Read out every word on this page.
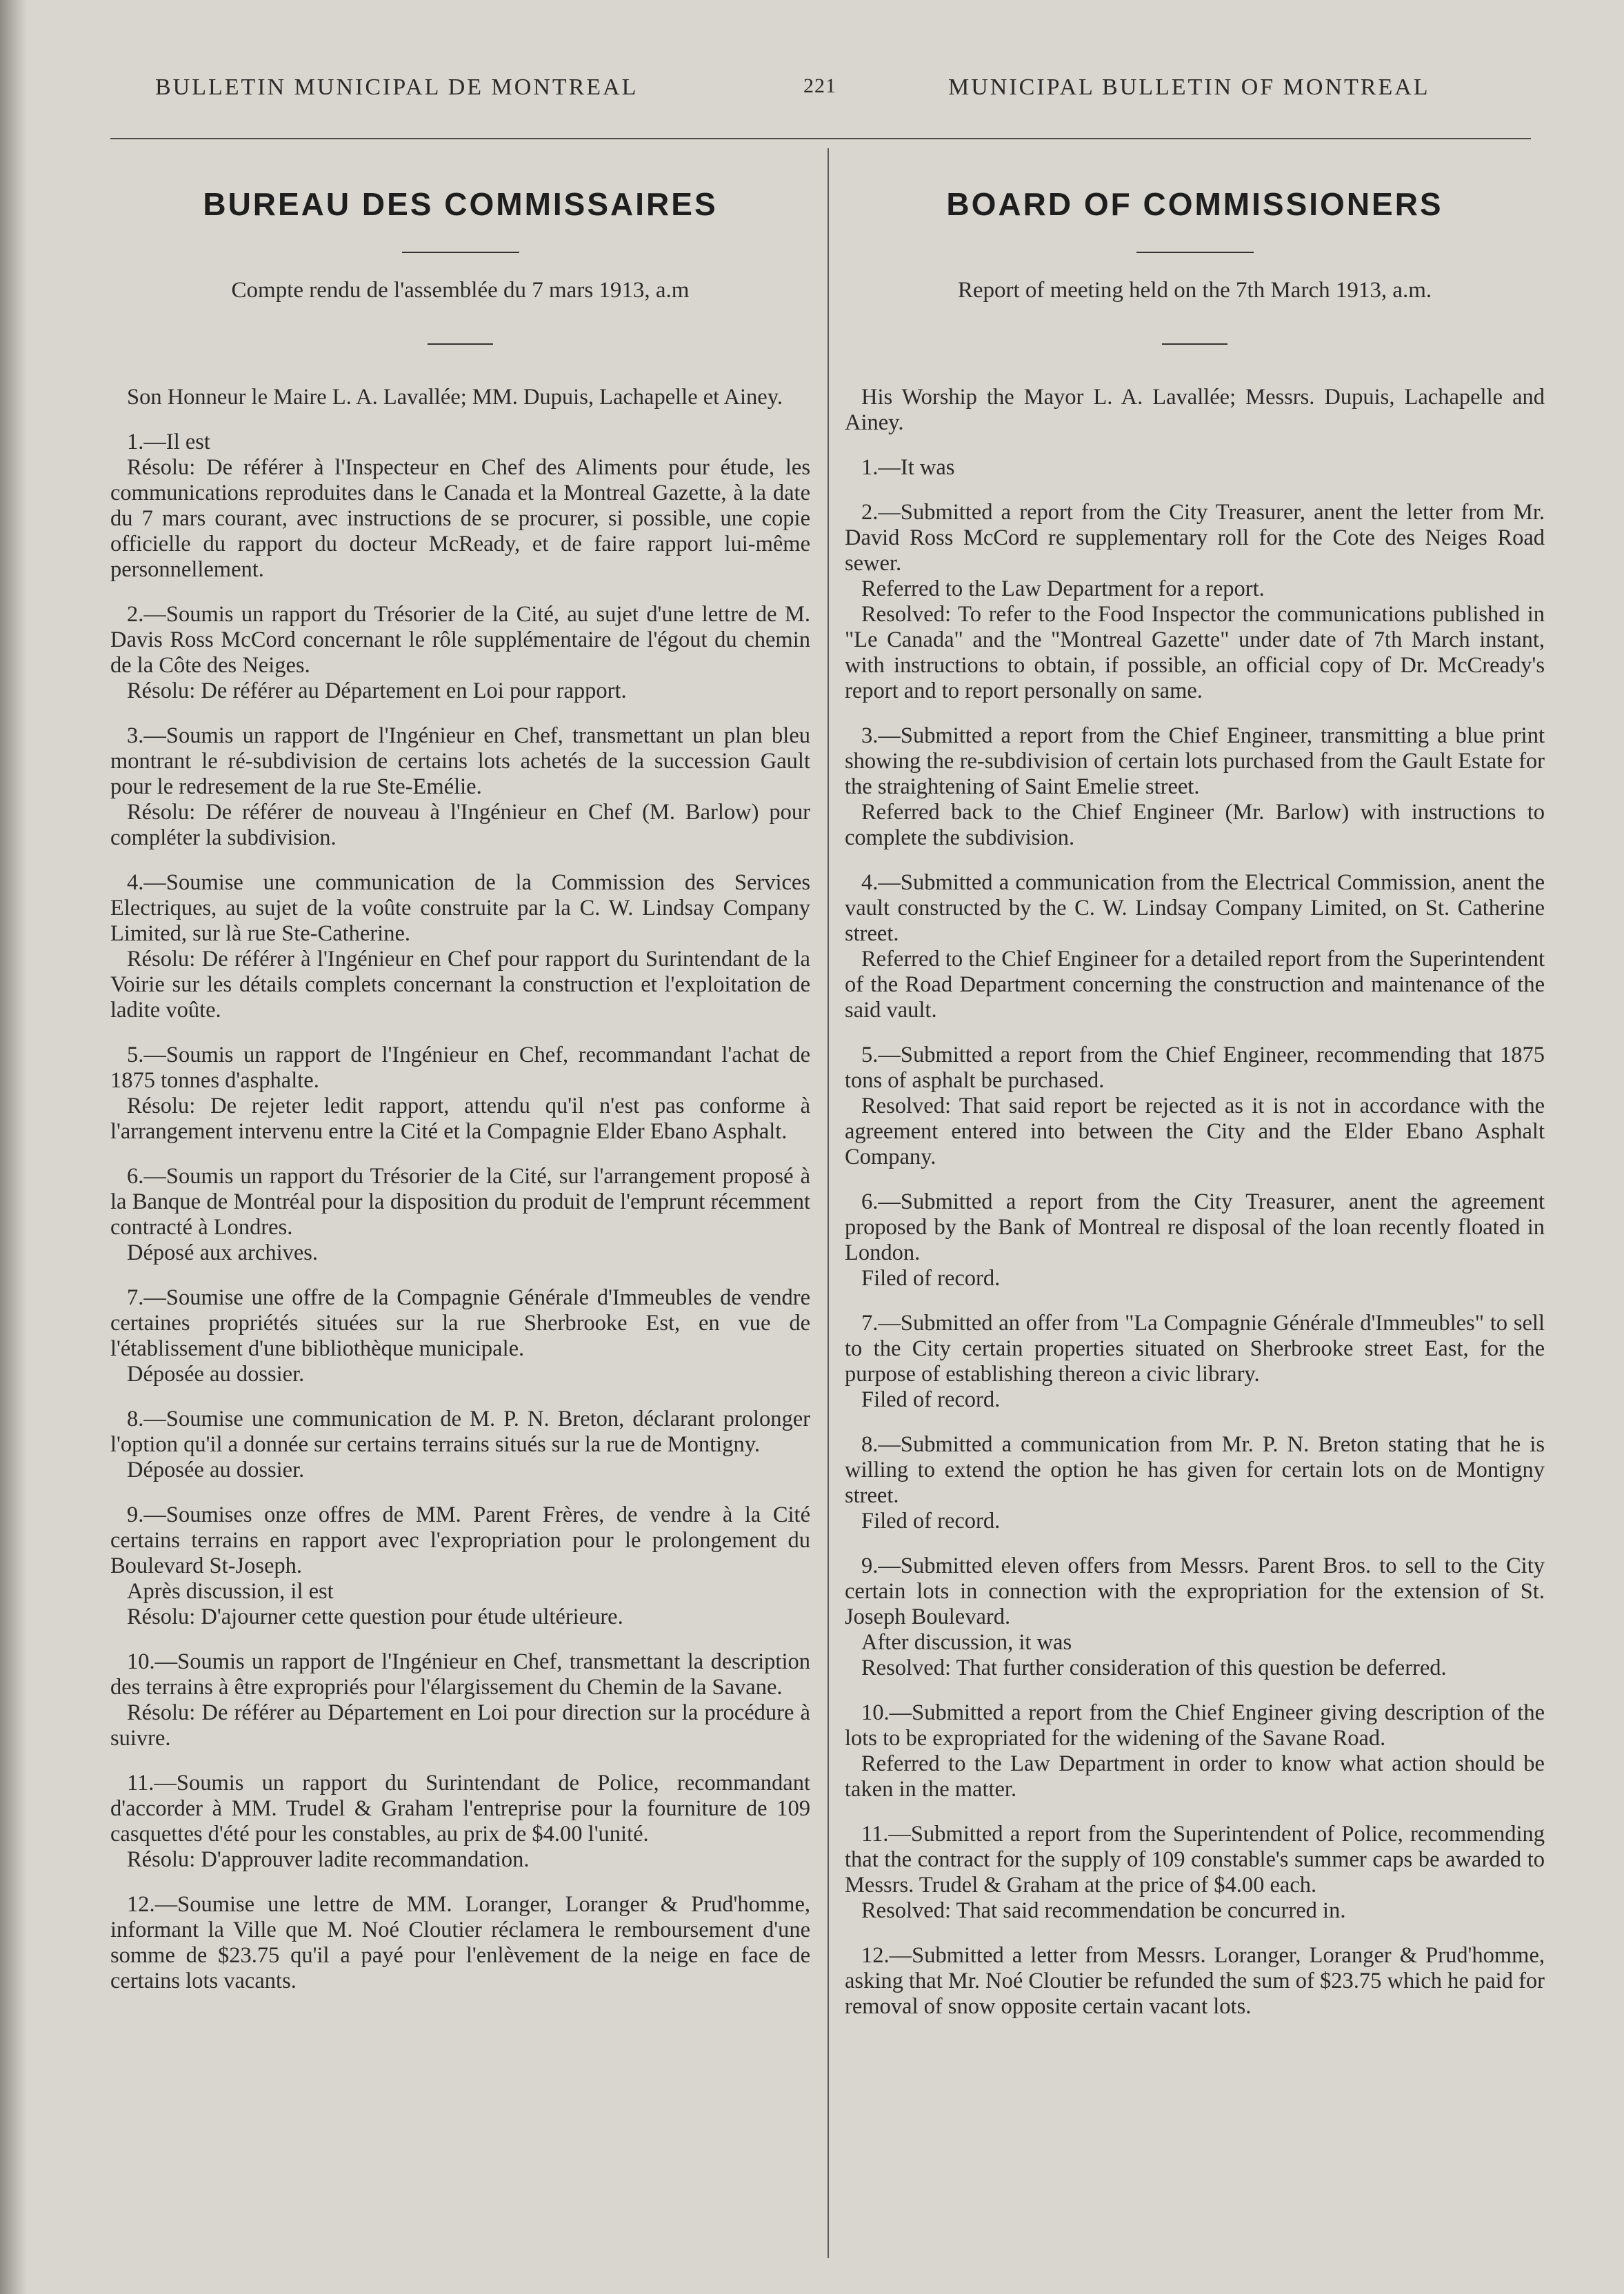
BULLETIN MUNICIPAL DE MONTREAL	221	MUNICIPAL BULLETIN OF MONTREAL
BUREAU DES COMMISSAIRES
Compte rendu de l'assemblée du 7 mars 1913, a.m

Son Honneur le Maire L. A. Lavallée; MM. Dupuis, Lachapelle et Ainey.

1.—Il est

Résolu: De référer à l'Inspecteur en Chef des Aliments pour étude, les communications reproduites dans le Canada et la Montreal Gazette, à la date du 7 mars courant, avec instructions de se procurer, si possible, une copie officielle du rapport du docteur McReady, et de faire rapport lui-même personnellement.

2.—Soumis un rapport du Trésorier de la Cité, au sujet d'une lettre de M. Davis Ross McCord concernant le rôle supplémentaire de l'égout du chemin de la Côte des Neiges.

Résolu: De référer au Département en Loi pour rapport.

3.—Soumis un rapport de l'Ingénieur en Chef, transmettant un plan bleu montrant le ré-subdivision de certains lots achetés de la succession Gault pour le redresement de la rue Ste-Emélie.

Résolu: De référer de nouveau à l'Ingénieur en Chef (M. Barlow) pour compléter la subdivision.

4.—Soumise une communication de la Commission des Services Electriques, au sujet de la voûte construite par la C. W. Lindsay Company Limited, sur là rue Ste-Catherine.

Résolu: De référer à l'Ingénieur en Chef pour rapport du Surintendant de la Voirie sur les détails complets concernant la construction et l'exploitation de ladite voûte.

5.—Soumis un rapport de l'Ingénieur en Chef, recommandant l'achat de 1875 tonnes d'asphalte.

Résolu: De rejeter ledit rapport, attendu qu'il n'est pas conforme à l'arrangement intervenu entre la Cité et la Compagnie Elder Ebano Asphalt.

6.—Soumis un rapport du Trésorier de la Cité, sur l'arrangement proposé à la Banque de Montréal pour la disposition du produit de l'emprunt récemment contracté à Londres.

Déposé aux archives.

7.—Soumise une offre de la Compagnie Générale d'Immeubles de vendre certaines propriétés situées sur la rue Sherbrooke Est, en vue de l'établissement d'une bibliothèque municipale.

Déposée au dossier.

8.—Soumise une communication de M. P. N. Breton, déclarant prolonger l'option qu'il a donnée sur certains terrains situés sur la rue de Montigny.

Déposée au dossier.

9.—Soumises onze offres de MM. Parent Frères, de vendre à la Cité certains terrains en rapport avec l'expropriation pour le prolongement du Boulevard St-Joseph.

Après discussion, il est

Résolu: D'ajourner cette question pour étude ultérieure.

10.—Soumis un rapport de l'Ingénieur en Chef, transmettant la description des terrains à être expropriés pour l'élargissement du Chemin de la Savane.

Résolu: De référer au Département en Loi pour direction sur la procédure à suivre.

11.—Soumis un rapport du Surintendant de Police, recommandant d'accorder à MM. Trudel & Graham l'entreprise pour la fourniture de 109 casquettes d'été pour les constables, au prix de $4.00 l'unité.

Résolu: D'approuver ladite recommandation.

12.—Soumise une lettre de MM. Loranger, Loranger & Prud'homme, informant la Ville que M. Noé Cloutier réclamera le remboursement d'une somme de $23.75 qu'il a payé pour l'enlèvement de la neige en face de certains lots vacants.

BOARD OF COMMISSIONERS
Report of meeting held on the 7th March 1913, a.m.

His Worship the Mayor L. A. Lavallée; Messrs. Dupuis, Lachapelle and Ainey.

1.—It was

2.—Submitted a report from the City Treasurer, anent the letter from Mr. David Ross McCord re supplementary roll for the Cote des Neiges Road sewer.

Referred to the Law Department for a report.

Resolved: To refer to the Food Inspector the communications published in "Le Canada" and the "Montreal Gazette" under date of 7th March instant, with instructions to obtain, if possible, an official copy of Dr. McCready's report and to report personally on same.

3.—Submitted a report from the Chief Engineer, transmitting a blue print showing the re-subdivision of certain lots purchased from the Gault Estate for the straightening of Saint Emelie street.

Referred back to the Chief Engineer (Mr. Barlow) with instructions to complete the subdivision.

4.—Submitted a communication from the Electrical Commission, anent the vault constructed by the C. W. Lindsay Company Limited, on St. Catherine street.

Referred to the Chief Engineer for a detailed report from the Superintendent of the Road Department concerning the construction and maintenance of the said vault.

5.—Submitted a report from the Chief Engineer, recommending that 1875 tons of asphalt be purchased.

Resolved: That said report be rejected as it is not in accordance with the agreement entered into between the City and the Elder Ebano Asphalt Company.

6.—Submitted a report from the City Treasurer, anent the agreement proposed by the Bank of Montreal re disposal of the loan recently floated in London.

Filed of record.

7.—Submitted an offer from "La Compagnie Générale d'Immeubles" to sell to the City certain properties situated on Sherbrooke street East, for the purpose of establishing thereon a civic library.

Filed of record.

8.—Submitted a communication from Mr. P. N. Breton stating that he is willing to extend the option he has given for certain lots on de Montigny street.

Filed of record.

9.—Submitted eleven offers from Messrs. Parent Bros. to sell to the City certain lots in connection with the expropriation for the extension of St. Joseph Boulevard.

After discussion, it was

Resolved: That further consideration of this question be deferred.

10.—Submitted a report from the Chief Engineer giving description of the lots to be expropriated for the widening of the Savane Road.

Referred to the Law Department in order to know what action should be taken in the matter.

11.—Submitted a report from the Superintendent of Police, recommending that the contract for the supply of 109 constable's summer caps be awarded to Messrs. Trudel & Graham at the price of $4.00 each.

Resolved: That said recommendation be concurred in.

12.—Submitted a letter from Messrs. Loranger, Loranger & Prud'homme, asking that Mr. Noé Cloutier be refunded the sum of $23.75 which he paid for removal of snow opposite certain vacant lots.
